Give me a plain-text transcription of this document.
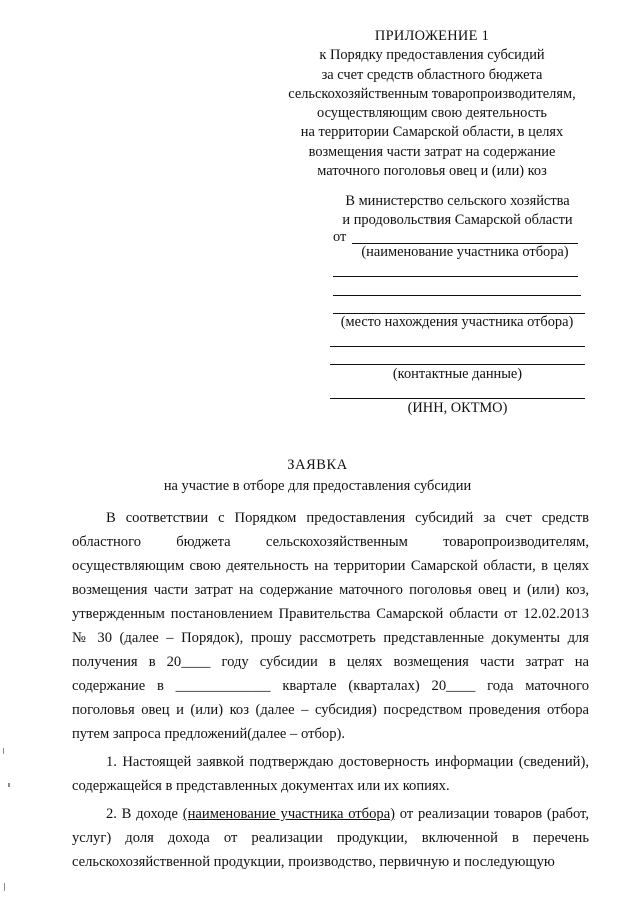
ПРИЛОЖЕНИЕ 1
к Порядку предоставления субсидий
за счет средств областного бюджета
сельскохозяйственным товаропроизводителям,
осуществляющим свою деятельность
на территории Самарской области, в целях
возмещения части затрат на содержание
маточного поголовья овец и (или) коз
В министерство сельского хозяйства
и продовольствия Самарской области
от
(наименование участника отбора)
(место нахождения участника отбора)
(контактные данные)
(ИНН, ОКТМО)
ЗАЯВКА
на участие в отборе для предоставления субсидии

В соответствии с Порядком предоставления субсидий за счет средств областного бюджета сельскохозяйственным товаропроизводителям, осуществляющим свою деятельность на территории Самарской области, в целях возмещения части затрат на содержание маточного поголовья овец и (или) коз, утвержденным постановлением Правительства Самарской области от 12.02.2013 № 30 (далее – Порядок), прошу рассмотреть представленные документы для получения в 20____ году субсидии в целях возмещения части затрат на содержание в _____________ квартале (кварталах) 20____ года маточного поголовья овец и (или) коз (далее – субсидия) посредством проведения отбора путем запроса предложений(далее – отбор).

1. Настоящей заявкой подтверждаю достоверность информации (сведений), содержащейся в представленных документах или их копиях.

2. В доходе (наименование участника отбора) от реализации товаров (работ, услуг) доля дохода от реализации продукции, включенной в перечень сельскохозяйственной продукции, производство, первичную и последующую
